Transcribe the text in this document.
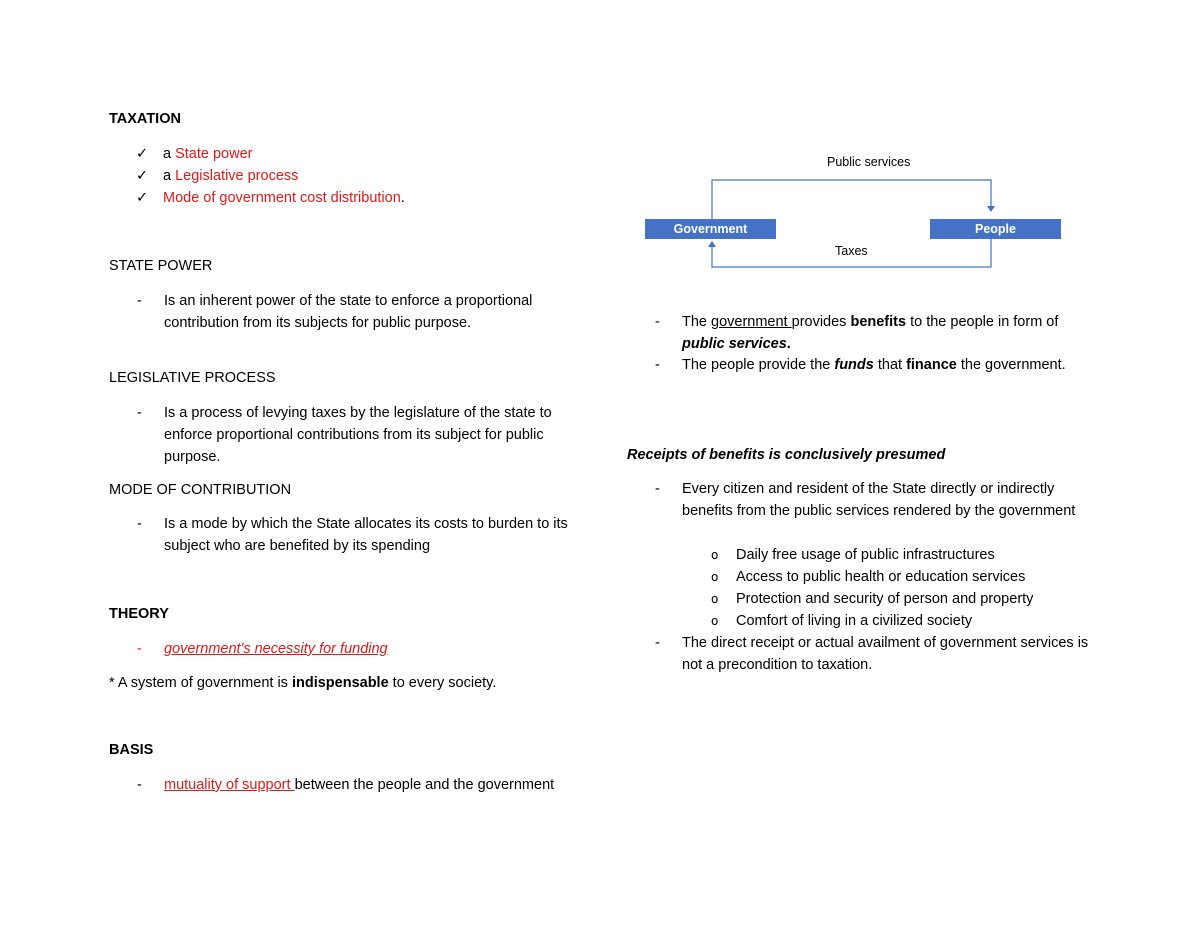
TAXATION
✓ a State power
✓ a Legislative process
✓ Mode of government cost distribution.
STATE POWER
- Is an inherent power of the state to enforce a proportional contribution from its subjects for public purpose.
LEGISLATIVE PROCESS
- Is a process of levying taxes by the legislature of the state to enforce proportional contributions from its subject for public purpose.
MODE OF CONTRIBUTION
- Is a mode by which the State allocates its costs to burden to its subject who are benefited by its spending
THEORY
- government's necessity for funding
* A system of government is indispensable to every society.
BASIS
- mutuality of support between the people and the government
Public services
Government	People
Taxes
- The government provides benefits to the people in form of public services.
- The people provide the funds that finance the government.
Receipts of benefits is conclusively presumed
- Every citizen and resident of the State directly or indirectly benefits from the public services rendered by the government
o Daily free usage of public infrastructures
o Access to public health or education services
o Protection and security of person and property
o Comfort of living in a civilized society
- The direct receipt or actual availment of government services is not a precondition to taxation.
